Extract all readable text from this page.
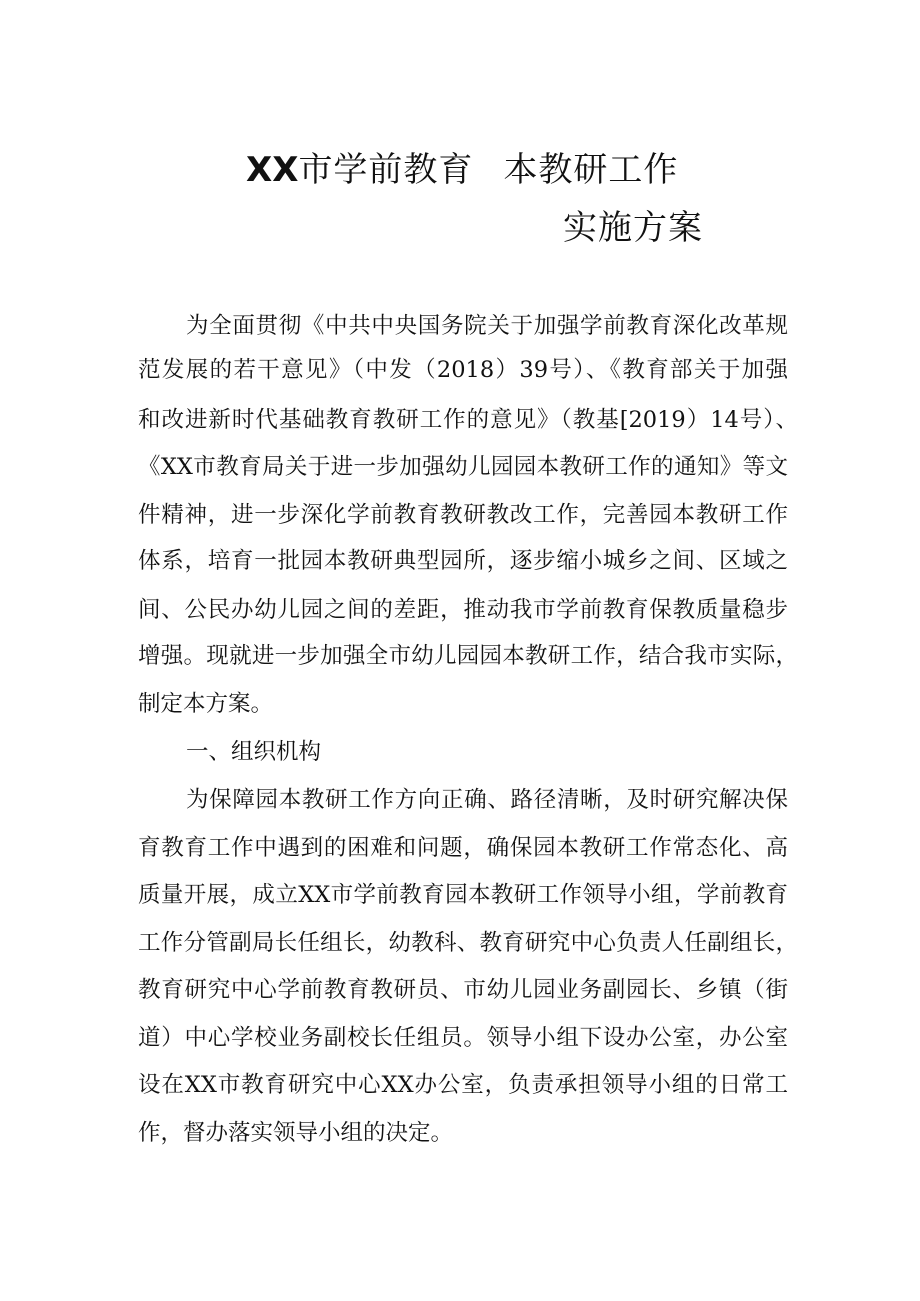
XX市学前教育 本教研工作
实施方案
为全面贯彻《中共中央国务院关于加强学前教育深化改革规
范发展的若干意见》（中发（2018）39号）、《教育部关于加强
和改进新时代基础教育教研工作的意见》（教基[2019）14号）、
《XX市教育局关于进一步加强幼儿园园本教研工作的通知》等文
件精神，进一步深化学前教育教研教改工作，完善园本教研工作
体系，培育一批园本教研典型园所，逐步缩小城乡之间、区域之
间、公民办幼儿园之间的差距，推动我市学前教育保教质量稳步
增强。现就进一步加强全市幼儿园园本教研工作，结合我市实际，
制定本方案。
一、组织机构
为保障园本教研工作方向正确、路径清晰，及时研究解决保
育教育工作中遇到的困难和问题，确保园本教研工作常态化、高
质量开展，成立XX市学前教育园本教研工作领导小组，学前教育
工作分管副局长任组长，幼教科、教育研究中心负责人任副组长，
教育研究中心学前教育教研员、市幼儿园业务副园长、乡镇（街
道）中心学校业务副校长任组员。领导小组下设办公室，办公室
设在XX市教育研究中心XX办公室，负责承担领导小组的日常工
作，督办落实领导小组的决定。
